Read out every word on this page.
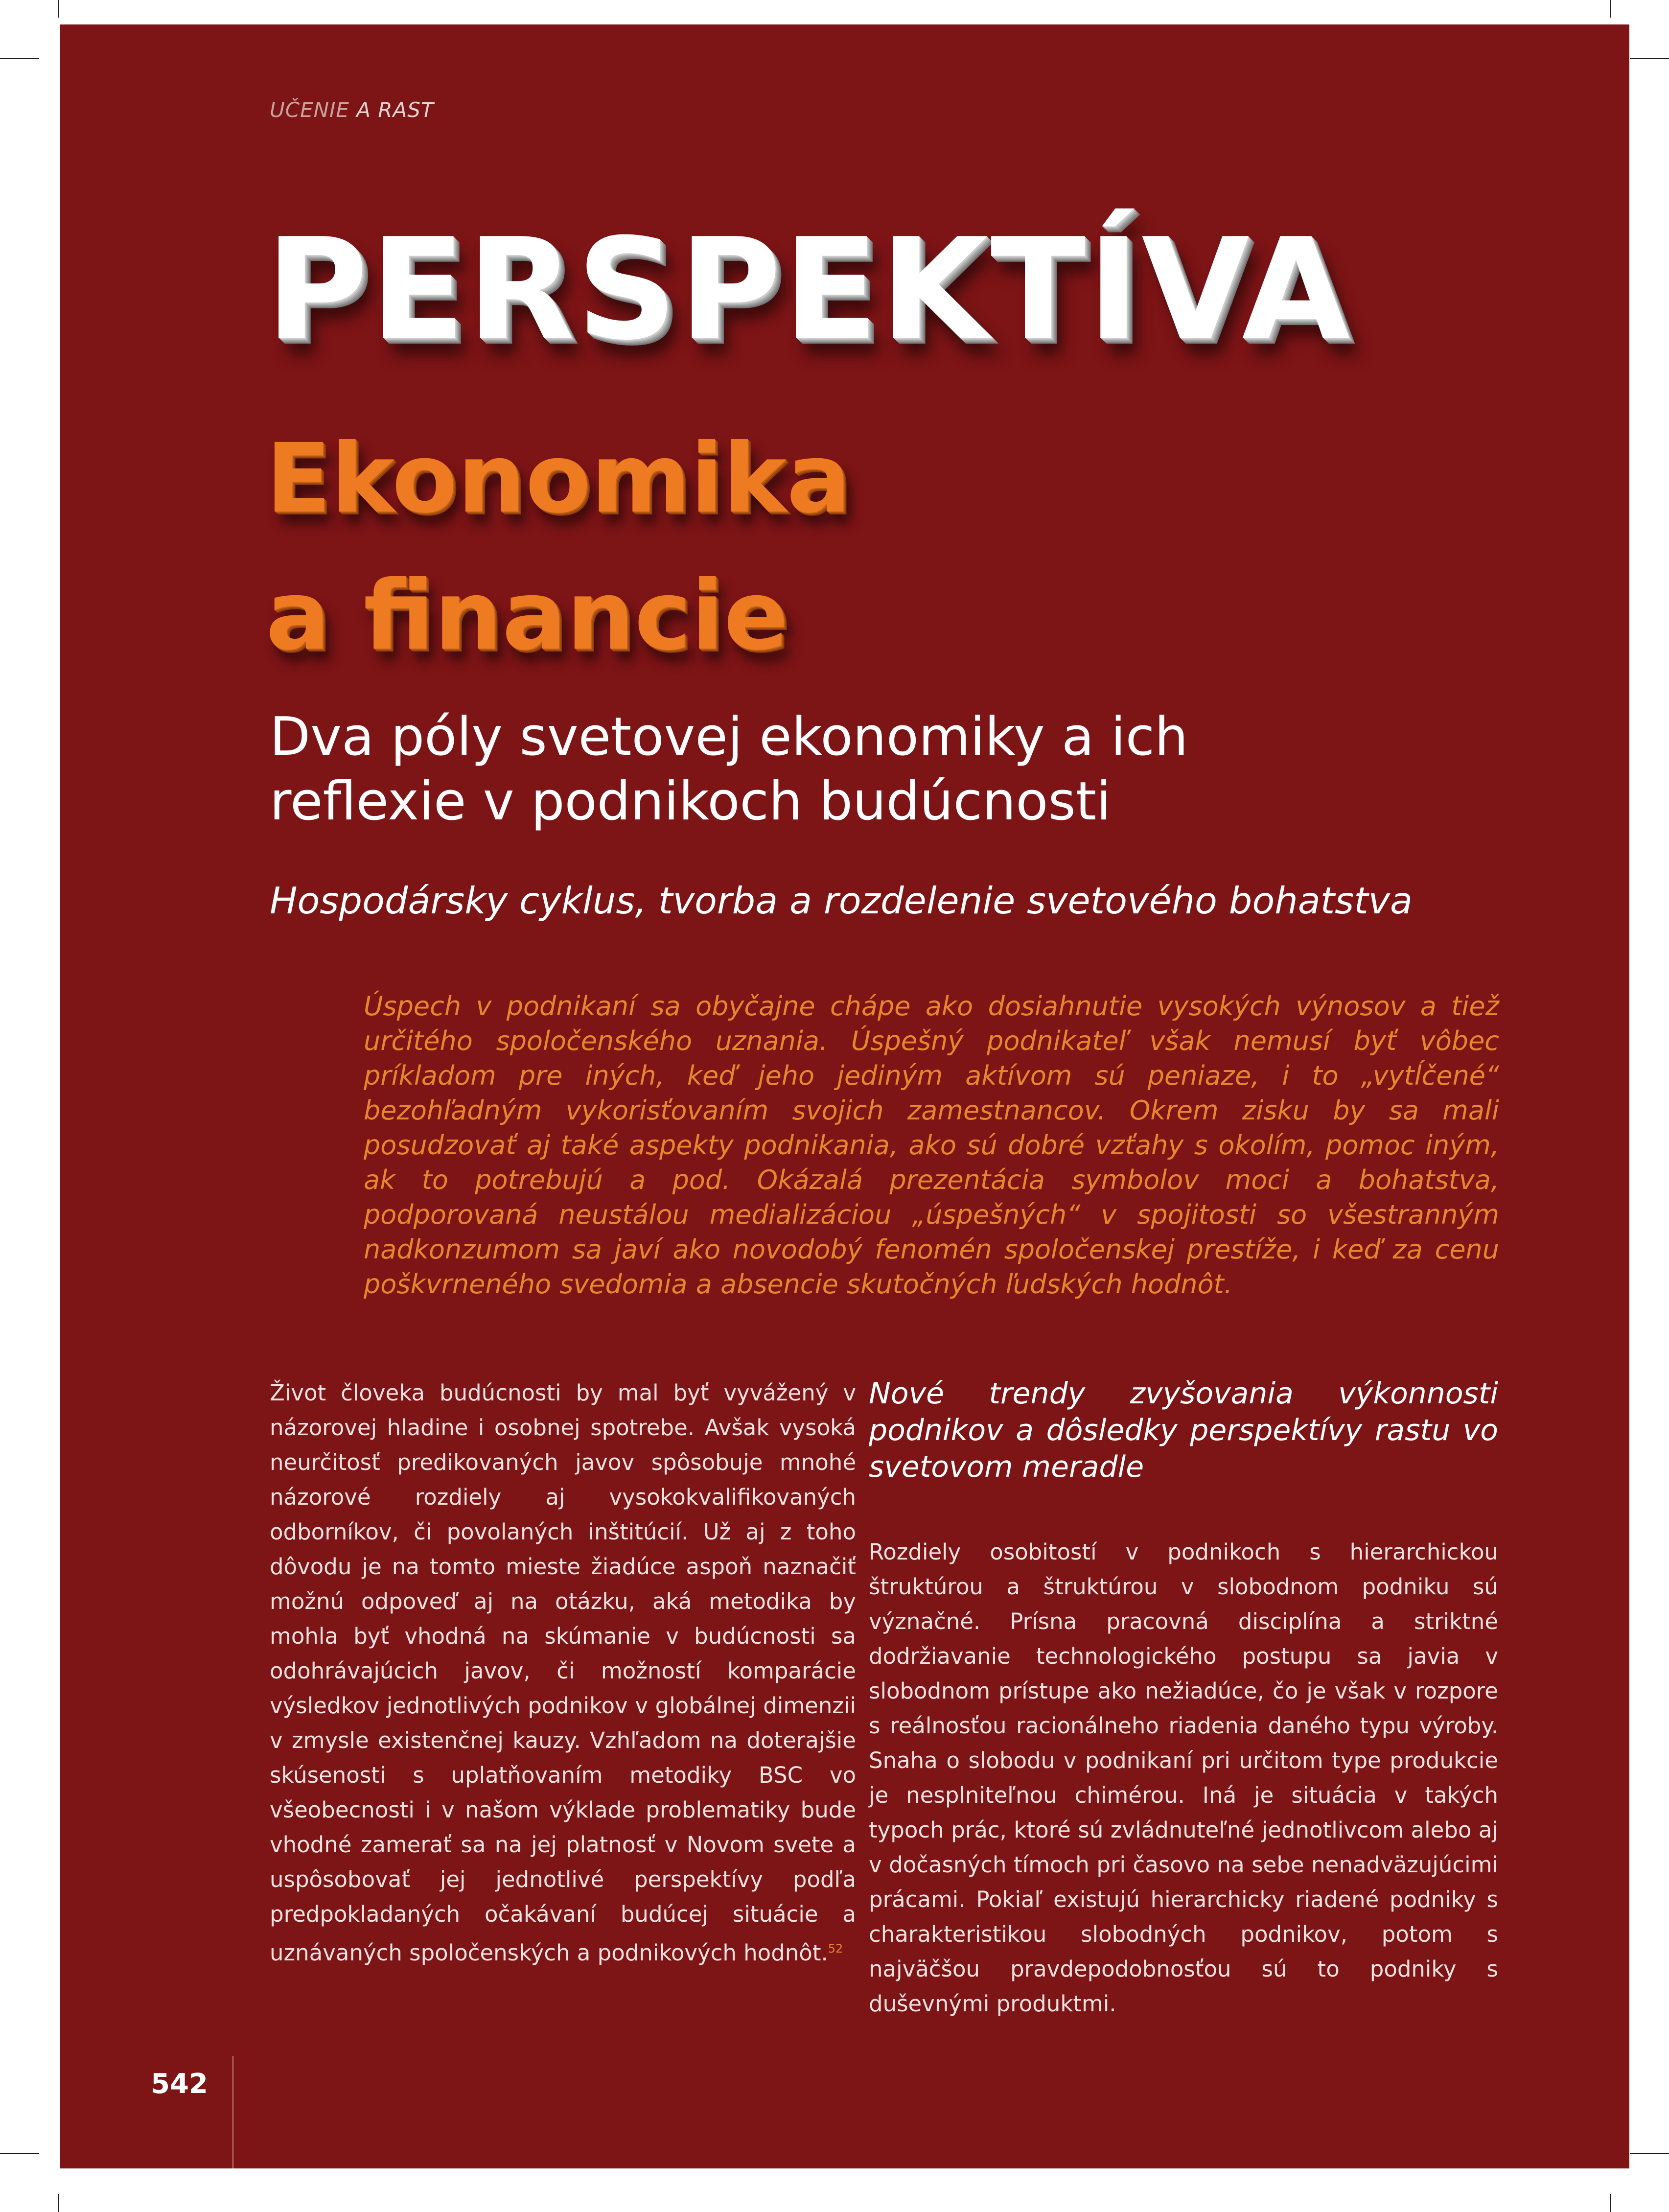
UČENIE A RAST
PERSPEKTÍVA
Ekonomika
a financie
Dva póly svetovej ekonomiky a ich
reflexie v podnikoch budúcnosti
Hospodársky cyklus, tvorba a rozdelenie svetového bohatstva
Úspech v podnikaní sa obyčajne chápe ako dosiahnutie vysokých výnosov a tiež určitého spoločenského uznania. Úspešný podnikateľ však nemusí byť vôbec príkladom pre iných, keď jeho jediným aktívom sú peniaze, i to „vytĺčené“ bezohľadným vykorisťovaním svojich zamestnancov. Okrem zisku by sa mali posudzovať aj také aspekty podnikania, ako sú dobré vzťahy s okolím, pomoc iným, ak to potrebujú a pod. Okázalá prezentácia symbolov moci a bohatstva, podporovaná neustálou medializáciou „úspešných“ v spojitosti so všestranným nadkonzumom sa javí ako novodobý fenomén spoločenskej prestíže, i keď za cenu poškvrneného svedomia a absencie skutočných ľudských hodnôt.

Život človeka budúcnosti by mal byť vyvážený v názorovej hladine i osobnej spotrebe. Avšak vysoká neurčitosť predikovaných javov spôsobuje mnohé názorové rozdiely aj vysokokvalifikovaných odborníkov, či povolaných inštitúcií. Už aj z toho dôvodu je na tomto mieste žiadúce aspoň naznačiť možnú odpoveď aj na otázku, aká metodika by mohla byť vhodná na skúmanie v budúcnosti sa odohrávajúcich javov, či možností komparácie výsledkov jednotlivých podnikov v globálnej dimenzii v zmysle existenčnej kauzy. Vzhľadom na doterajšie skúsenosti s uplatňovaním metodiky BSC vo všeobecnosti i v našom výklade problematiky bude vhodné zamerať sa na jej platnosť v Novom svete a uspôsobovať jej jednotlivé perspektívy podľa predpokladaných očakávaní budúcej situácie a uznávaných spoločenských a podnikových hodnôt.$^{52}$

Nové trendy zvyšovania výkonnosti podnikov a dôsledky perspektívy rastu vo svetovom meradle

Rozdiely osobitostí v podnikoch s hierarchickou štruktúrou a štruktúrou v slobodnom podniku sú význačné. Prísna pracovná disciplína a striktné dodržiavanie technologického postupu sa javia v slobodnom prístupe ako nežiadúce, čo je však v rozpore s reálnosťou racionálneho riadenia daného typu výroby. Snaha o slobodu v podnikaní pri určitom type produkcie je nesplniteľnou chimérou. Iná je situácia v takých typoch prác, ktoré sú zvládnuteľné jednotlivcom alebo aj v dočasných tímoch pri časovo na sebe nenadväzujúcimi prácami. Pokiaľ existujú hierarchicky riadené podniky s charakteristikou slobodných podnikov, potom s najväčšou pravdepodobnosťou sú to podniky s duševnými produktmi.

542
